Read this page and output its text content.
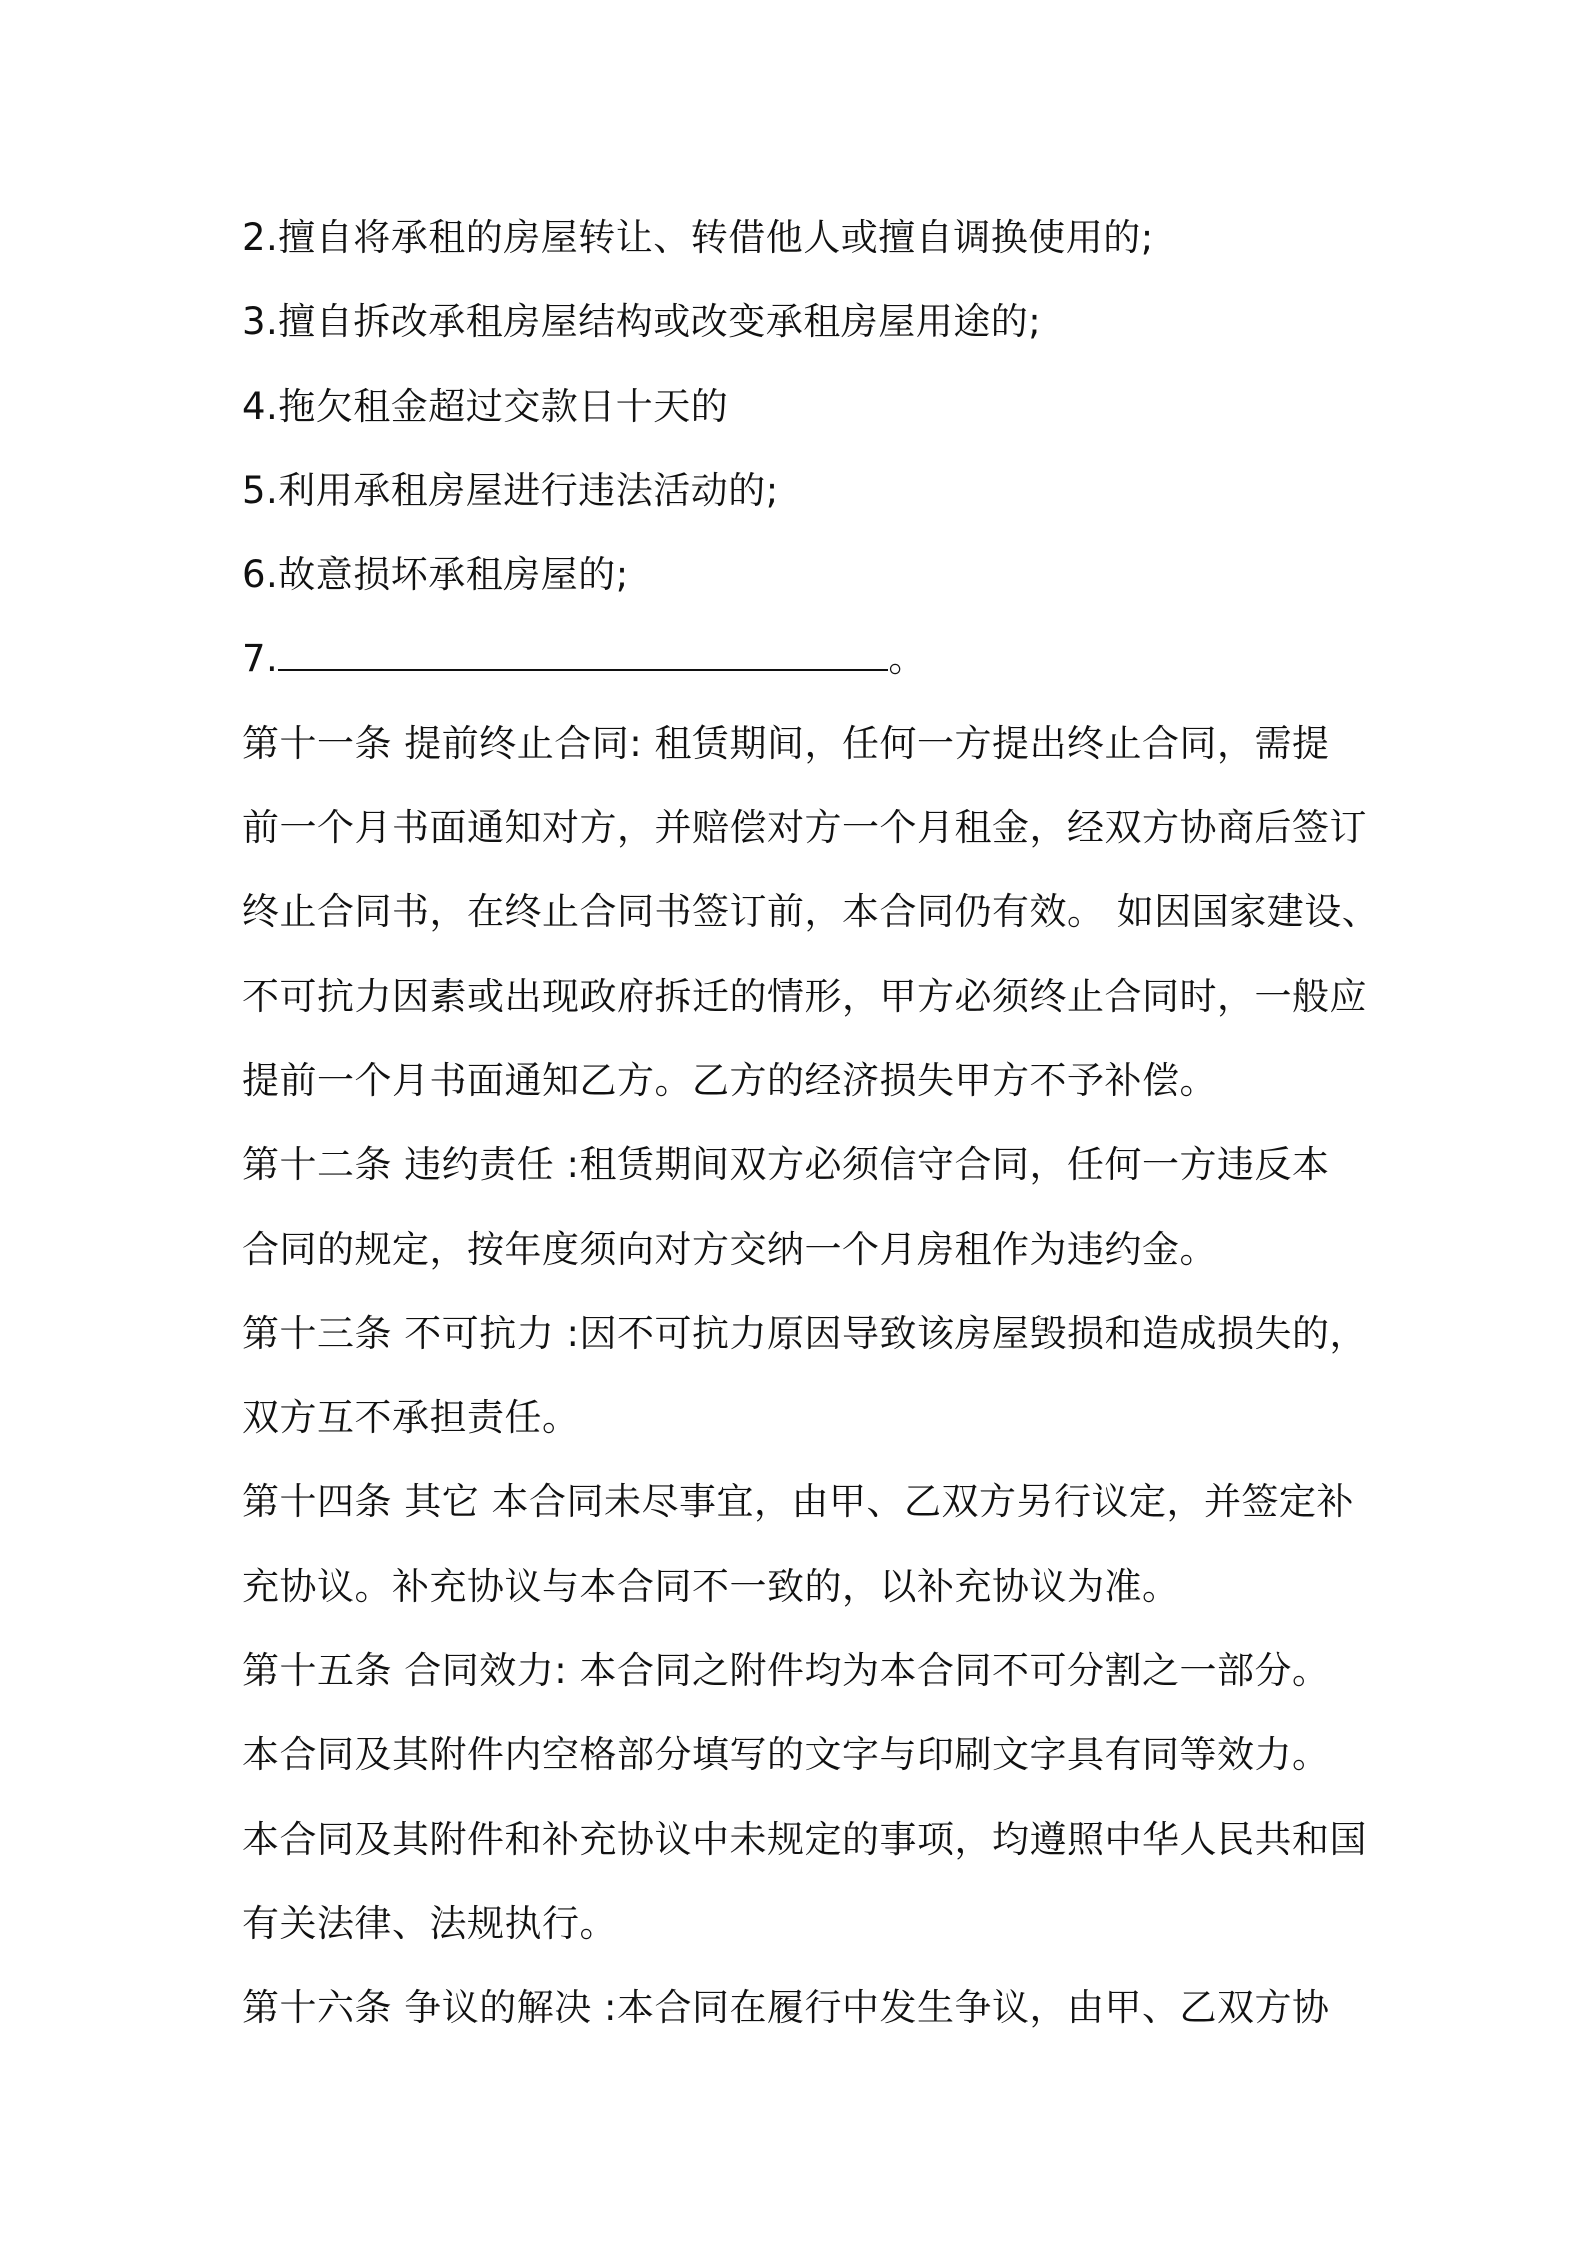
2.擅自将承租的房屋转让、转借他人或擅自调换使用的;
3.擅自拆改承租房屋结构或改变承租房屋用途的;
4.拖欠租金超过交款日十天的
5.利用承租房屋进行违法活动的;
6.故意损坏承租房屋的;
7.	。
第十一条 提前终止合同: 租赁期间，任何一方提出终止合同，需提
前一个月书面通知对方，并赔偿对方一个月租金，经双方协商后签订
终止合同书，在终止合同书签订前，本合同仍有效。 如因国家建设、
不可抗力因素或出现政府拆迁的情形，甲方必须终止合同时，一般应
提前一个月书面通知乙方。乙方的经济损失甲方不予补偿。
第十二条 违约责任 :租赁期间双方必须信守合同，任何一方违反本
合同的规定，按年度须向对方交纳一个月房租作为违约金。
第十三条 不可抗力 :因不可抗力原因导致该房屋毁损和造成损失的，
双方互不承担责任。
第十四条 其它 本合同未尽事宜，由甲、乙双方另行议定，并签定补
充协议。补充协议与本合同不一致的，以补充协议为准。
第十五条 合同效力: 本合同之附件均为本合同不可分割之一部分。
本合同及其附件内空格部分填写的文字与印刷文字具有同等效力。
本合同及其附件和补充协议中未规定的事项，均遵照中华人民共和国
有关法律、法规执行。
第十六条 争议的解决 :本合同在履行中发生争议，由甲、乙双方协
